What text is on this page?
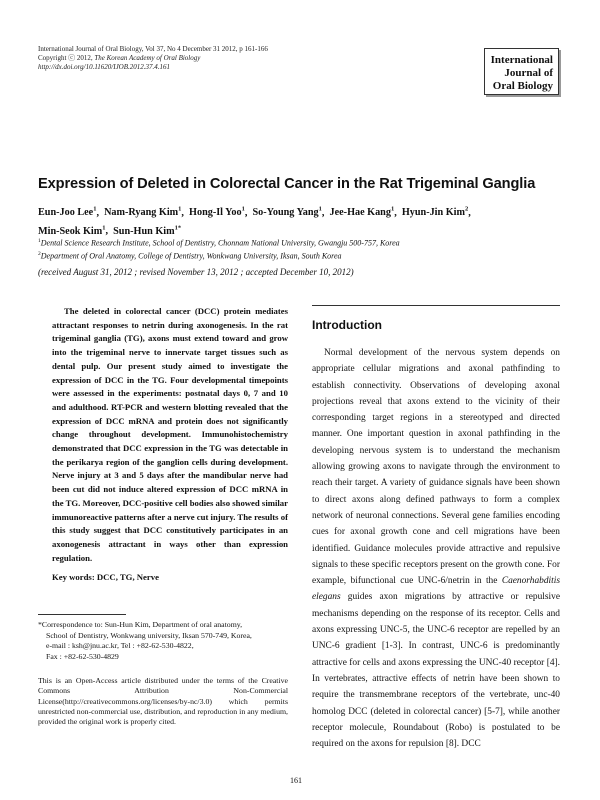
International Journal of Oral Biology, Vol 37, No 4 December 31 2012, p 161-166
Copyright ⓒ 2012, The Korean Academy of Oral Biology
http://dx.doi.org/10.11620/IJOB.2012.37.4.161
International
Journal of
Oral Biology
Expression of Deleted in Colorectal Cancer in the Rat Trigeminal Ganglia
Eun-Joo Lee$^1$,  Nam-Ryang Kim$^1$,  Hong-Il Yoo$^1$,  So-Young Yang$^1$,  Jee-Hae Kang$^1$,  Hyun-Jin Kim$^2$,
Min-Seok Kim$^1$,  Sun-Hun Kim$^{1*}$
$^1$Dental Science Research Institute, School of Dentistry, Chonnam National University, Gwangju 500-757, Korea
$^2$Department of Oral Anatomy, College of Dentistry, Wonkwang University, Iksan, South Korea
(received August 31, 2012 ; revised November 13, 2012 ; accepted December 10, 2012)

The deleted in colorectal cancer (DCC) protein mediates attractant responses to netrin during axonogenesis. In the rat trigeminal ganglia (TG), axons must extend toward and grow into the trigeminal nerve to innervate target tissues such as dental pulp. Our present study aimed to investigate the expression of DCC in the TG. Four developmental timepoints were assessed in the experiments: postnatal days 0, 7 and 10 and adulthood. RT-PCR and western blotting revealed that the expression of DCC mRNA and protein does not significantly change throughout development. Immunohistochemistry demonstrated that DCC expression in the TG was detectable in the perikarya region of the ganglion cells during development. Nerve injury at 3 and 5 days after the mandibular nerve had been cut did not induce altered expression of DCC mRNA in the TG. Moreover, DCC-positive cell bodies also showed similar immunoreactive patterns after a nerve cut injury. The results of this study suggest that DCC constitutively participates in an axonogenesis attractant in ways other than expression regulation.

Key words: DCC, TG, Nerve
*Correspondence to: Sun-Hun Kim, Department of oral anatomy,
School of Dentistry, Wonkwang university, Iksan 570-749, Korea,
e-mail : ksh@jnu.ac.kr, Tel : +82-62-530-4822,
Fax : +82-62-530-4829

This is an Open-Access article distributed under the terms of the Creative Commons Attribution Non-Commercial License(http://creativecommons.org/licenses/by-nc/3.0) which permits unrestricted non-commercial use, distribution, and reproduction in any medium, provided the original work is properly cited.

Introduction

Normal development of the nervous system depends on appropriate cellular migrations and axonal pathfinding to establish connectivity. Observations of developing axonal projections reveal that axons extend to the vicinity of their corresponding target regions in a stereotyped and directed manner. One important question in axonal pathfinding in the developing nervous system is to understand the mechanism allowing growing axons to navigate through the environment to reach their target. A variety of guidance signals have been shown to direct axons along defined pathways to form a complex network of neuronal connections. Several gene families encoding cues for axonal growth cone and cell migrations have been identified. Guidance molecules provide attractive and repulsive signals to these specific receptors present on the growth cone. For example, bifunctional cue UNC-6/netrin in the Caenorhabditis elegans guides axon migrations by attractive or repulsive mechanisms depending on the response of its receptor. Cells and axons expressing UNC-5, the UNC-6 receptor are repelled by an UNC-6 gradient [1-3]. In contrast, UNC-6 is predominantly attractive for cells and axons expressing the UNC-40 receptor [4]. In vertebrates, attractive effects of netrin have been shown to require the transmembrane receptors of the vertebrate, unc-40 homolog DCC (deleted in colorectal cancer) [5-7], while another receptor molecule, Roundabout (Robo) is postulated to be required on the axons for repulsion [8]. DCC

161
